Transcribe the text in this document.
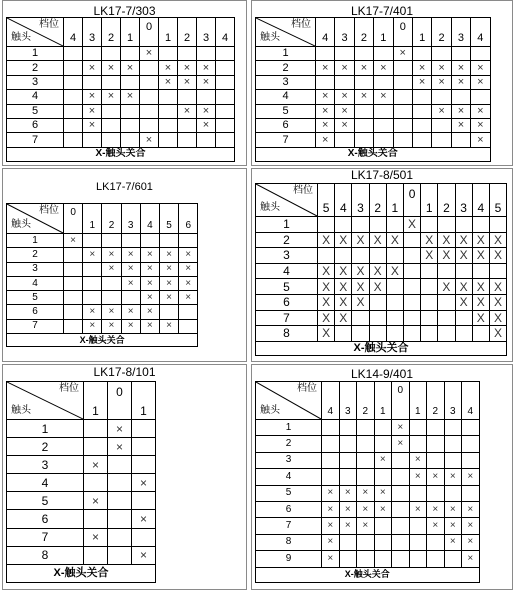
LK17-7/303
档位
触头	4	3	2	1	0	1	2	3	4
1					×				
2		×	×	×		×	×	×	
3						×	×	×	
4		×	×	×					
5		×					×	×	
6		×						×	
7					×				
X-触头关合									
LK17-7/401
档位
触头	4	3	2	1	0	1	2	3	4
1					×				
2	×	×	×	×		×	×	×	×
3						×	×	×	×
4	×	×	×	×					
5	×	×					×	×	×
6	×	×						×	×
7	×								×
X-触头关合									
LK17-7/601
档位
触头	0	1	2	3	4	5	6
1	×						
2		×	×	×	×	×	×
3			×	×	×	×	×
4				×	×	×	×
5					×	×	×
6		×	×	×	×		
7		×	×	×	×	×	
X-触头关合							
LK17-8/501
档位
触头	5	4	3	2	1	0	1	2	3	4	5
1						X					
2	X	X	X	X	X		X	X	X	X	X
3							X	X	X	X	X
4	X	X	X	X	X						
5	X	X	X	X				X	X	X	X
6	X	X	X						X	X	X
7	X	X								X	X
8	X										X
X-触头关合											
LK17-8/101
档位
触头	1	0	1
1		×	
2		×	
3	×		
4			×
5	×		
6			×
7	×		
8			×
X-触头关合			
LK14-9/401
档位
触头	4	3	2	1	0	1	2	3	4
1					×				
2					×				
3				×		×			
4						×	×	×	×
5	×	×	×	×					
6	×	×	×	×		×	×	×	×
7	×	×	×				×	×	×
8	×							×	×
9	×								×
X-触头关合									
